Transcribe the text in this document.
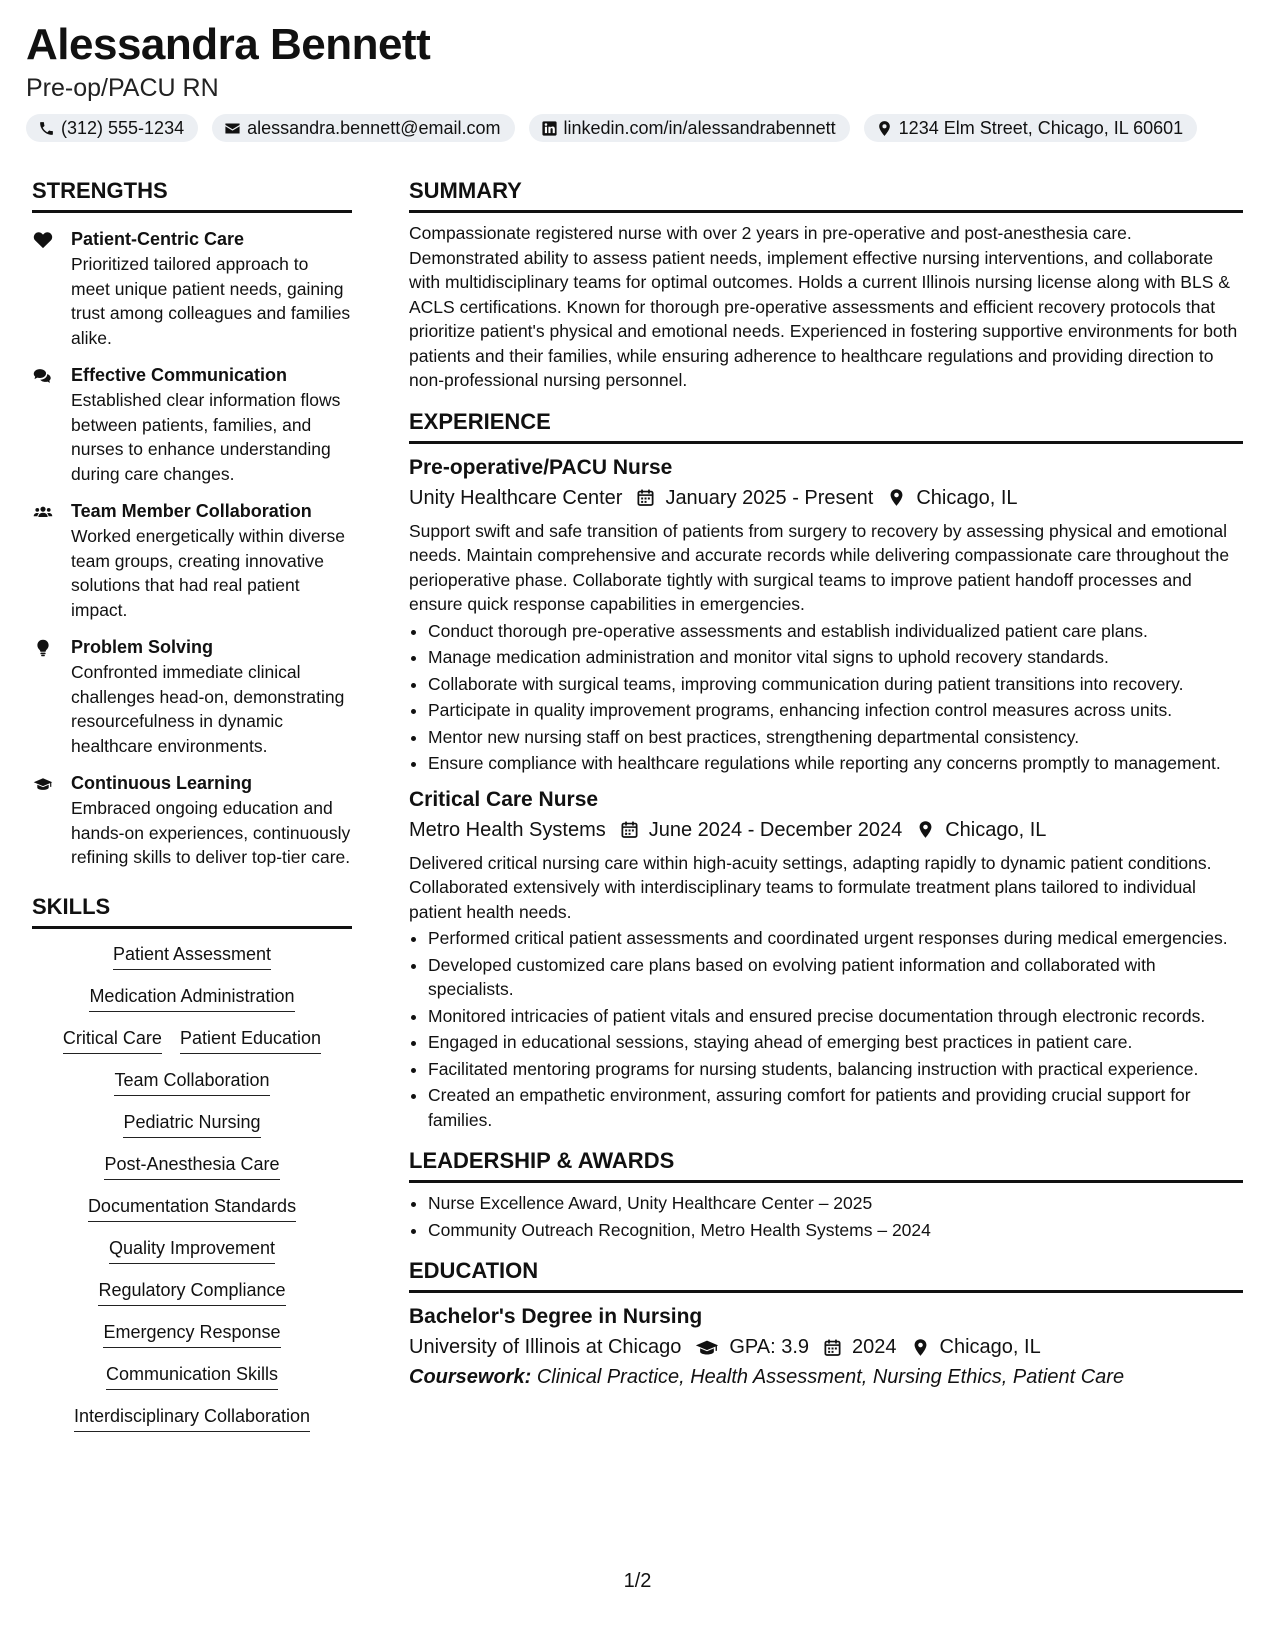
Alessandra Bennett
Pre-op/PACU RN
(312) 555-1234	alessandra.bennett@email.com	linkedin.com/in/alessandrabennett	1234 Elm Street, Chicago, IL 60601
STRENGTHS
Patient-Centric Care
Prioritized tailored approach to meet unique patient needs, gaining trust among colleagues and families alike.
Effective Communication
Established clear information flows between patients, families, and nurses to enhance understanding during care changes.
Team Member Collaboration
Worked energetically within diverse team groups, creating innovative solutions that had real patient impact.
Problem Solving
Confronted immediate clinical challenges head-on, demonstrating resourcefulness in dynamic healthcare environments.
Continuous Learning
Embraced ongoing education and hands-on experiences, continuously refining skills to deliver top-tier care.
SKILLS
Patient Assessment
Medication Administration
Critical Care Patient Education
Team Collaboration
Pediatric Nursing
Post-Anesthesia Care
Documentation Standards
Quality Improvement
Regulatory Compliance
Emergency Response
Communication Skills
Interdisciplinary Collaboration
SUMMARY
Compassionate registered nurse with over 2 years in pre-operative and post-anesthesia care. Demonstrated ability to assess patient needs, implement effective nursing interventions, and collaborate with multidisciplinary teams for optimal outcomes. Holds a current Illinois nursing license along with BLS & ACLS certifications. Known for thorough pre-operative assessments and efficient recovery protocols that prioritize patient's physical and emotional needs. Experienced in fostering supportive environments for both patients and their families, while ensuring adherence to healthcare regulations and providing direction to non-professional nursing personnel.
EXPERIENCE
Pre-operative/PACU Nurse
Unity Healthcare Center January 2025 - Present Chicago, IL
Support swift and safe transition of patients from surgery to recovery by assessing physical and emotional needs. Maintain comprehensive and accurate records while delivering compassionate care throughout the perioperative phase. Collaborate tightly with surgical teams to improve patient handoff processes and ensure quick response capabilities in emergencies.
• Conduct thorough pre-operative assessments and establish individualized patient care plans.
• Manage medication administration and monitor vital signs to uphold recovery standards.
• Collaborate with surgical teams, improving communication during patient transitions into recovery.
• Participate in quality improvement programs, enhancing infection control measures across units.
• Mentor new nursing staff on best practices, strengthening departmental consistency.
• Ensure compliance with healthcare regulations while reporting any concerns promptly to management.
Critical Care Nurse
Metro Health Systems June 2024 - December 2024 Chicago, IL
Delivered critical nursing care within high-acuity settings, adapting rapidly to dynamic patient conditions. Collaborated extensively with interdisciplinary teams to formulate treatment plans tailored to individual patient health needs.
• Performed critical patient assessments and coordinated urgent responses during medical emergencies.
• Developed customized care plans based on evolving patient information and collaborated with specialists.
• Monitored intricacies of patient vitals and ensured precise documentation through electronic records.
• Engaged in educational sessions, staying ahead of emerging best practices in patient care.
• Facilitated mentoring programs for nursing students, balancing instruction with practical experience.
• Created an empathetic environment, assuring comfort for patients and providing crucial support for families.
LEADERSHIP & AWARDS
• Nurse Excellence Award, Unity Healthcare Center – 2025
• Community Outreach Recognition, Metro Health Systems – 2024
EDUCATION
Bachelor's Degree in Nursing
University of Illinois at Chicago GPA: 3.9 2024 Chicago, IL
Coursework: Clinical Practice, Health Assessment, Nursing Ethics, Patient Care
1/2
